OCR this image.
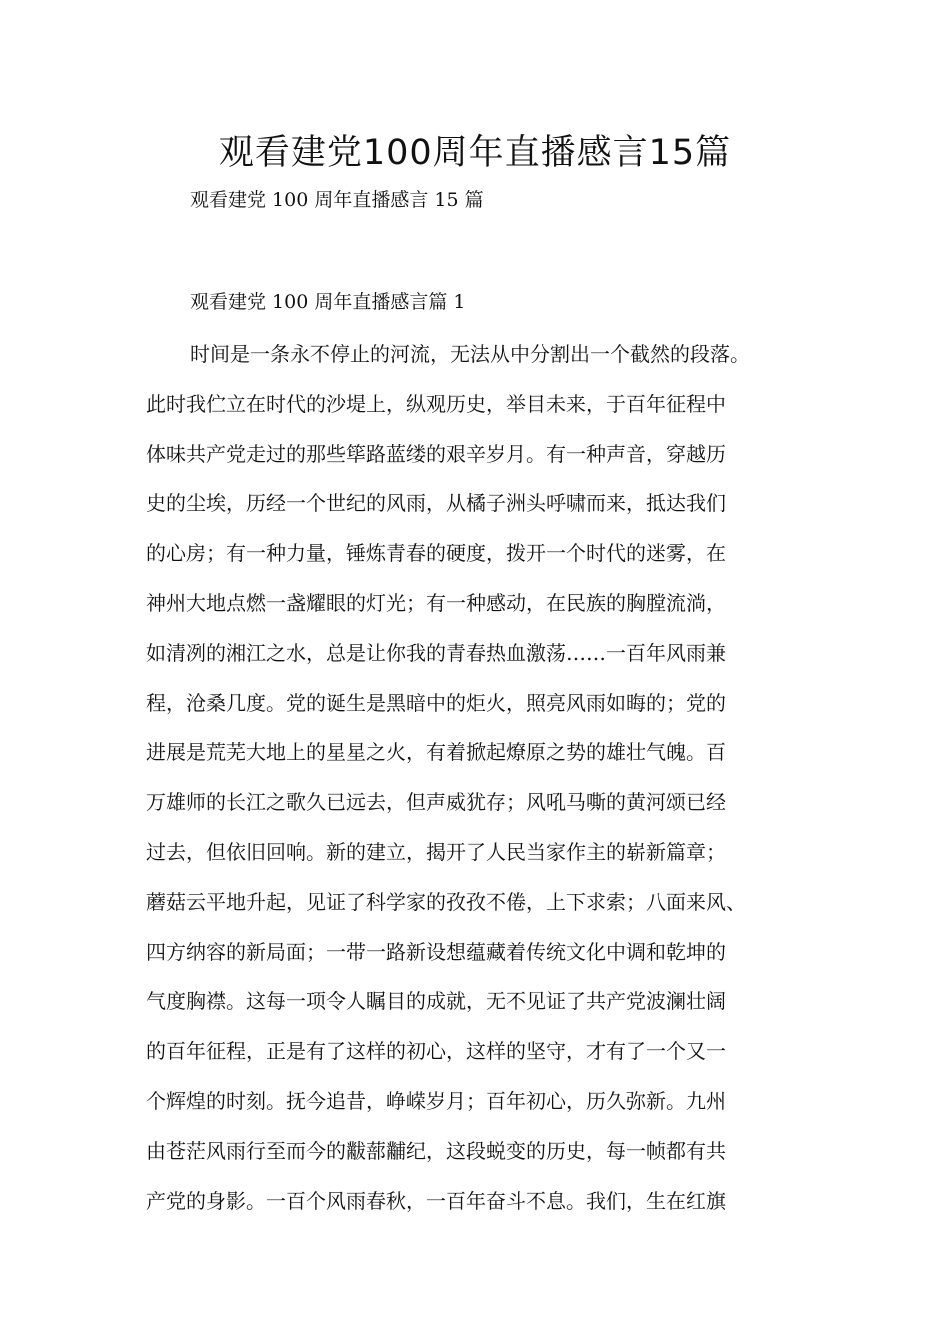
观看建党100周年直播感言15篇

观看建党 100 周年直播感言 15 篇

观看建党 100 周年直播感言篇 1

时间是一条永不停止的河流，无法从中分割出一个截然的段落。
此时我伫立在时代的沙堤上，纵观历史，举目未来，于百年征程中
体味共产党走过的那些筚路蓝缕的艰辛岁月。有一种声音，穿越历
史的尘埃，历经一个世纪的风雨，从橘子洲头呼啸而来，抵达我们
的心房；有一种力量，锤炼青春的硬度，拨开一个时代的迷雾，在
神州大地点燃一盏耀眼的灯光；有一种感动，在民族的胸膛流淌，
如清冽的湘江之水，总是让你我的青春热血激荡……一百年风雨兼
程，沧桑几度。党的诞生是黑暗中的炬火，照亮风雨如晦的；党的
进展是荒芜大地上的星星之火，有着掀起燎原之势的雄壮气魄。百
万雄师的长江之歌久已远去，但声威犹存；风吼马嘶的黄河颂已经
过去，但依旧回响。新的建立，揭开了人民当家作主的崭新篇章；
蘑菇云平地升起，见证了科学家的孜孜不倦，上下求索；八面来风、
四方纳容的新局面；一带一路新设想蕴藏着传统文化中调和乾坤的
气度胸襟。这每一项令人瞩目的成就，无不见证了共产党波澜壮阔
的百年征程，正是有了这样的初心，这样的坚守，才有了一个又一
个辉煌的时刻。抚今追昔，峥嵘岁月；百年初心，历久弥新。九州
由苍茫风雨行至而今的黻蔀黼纪，这段蜕变的历史，每一帧都有共
产党的身影。一百个风雨春秋，一百年奋斗不息。我们，生在红旗
